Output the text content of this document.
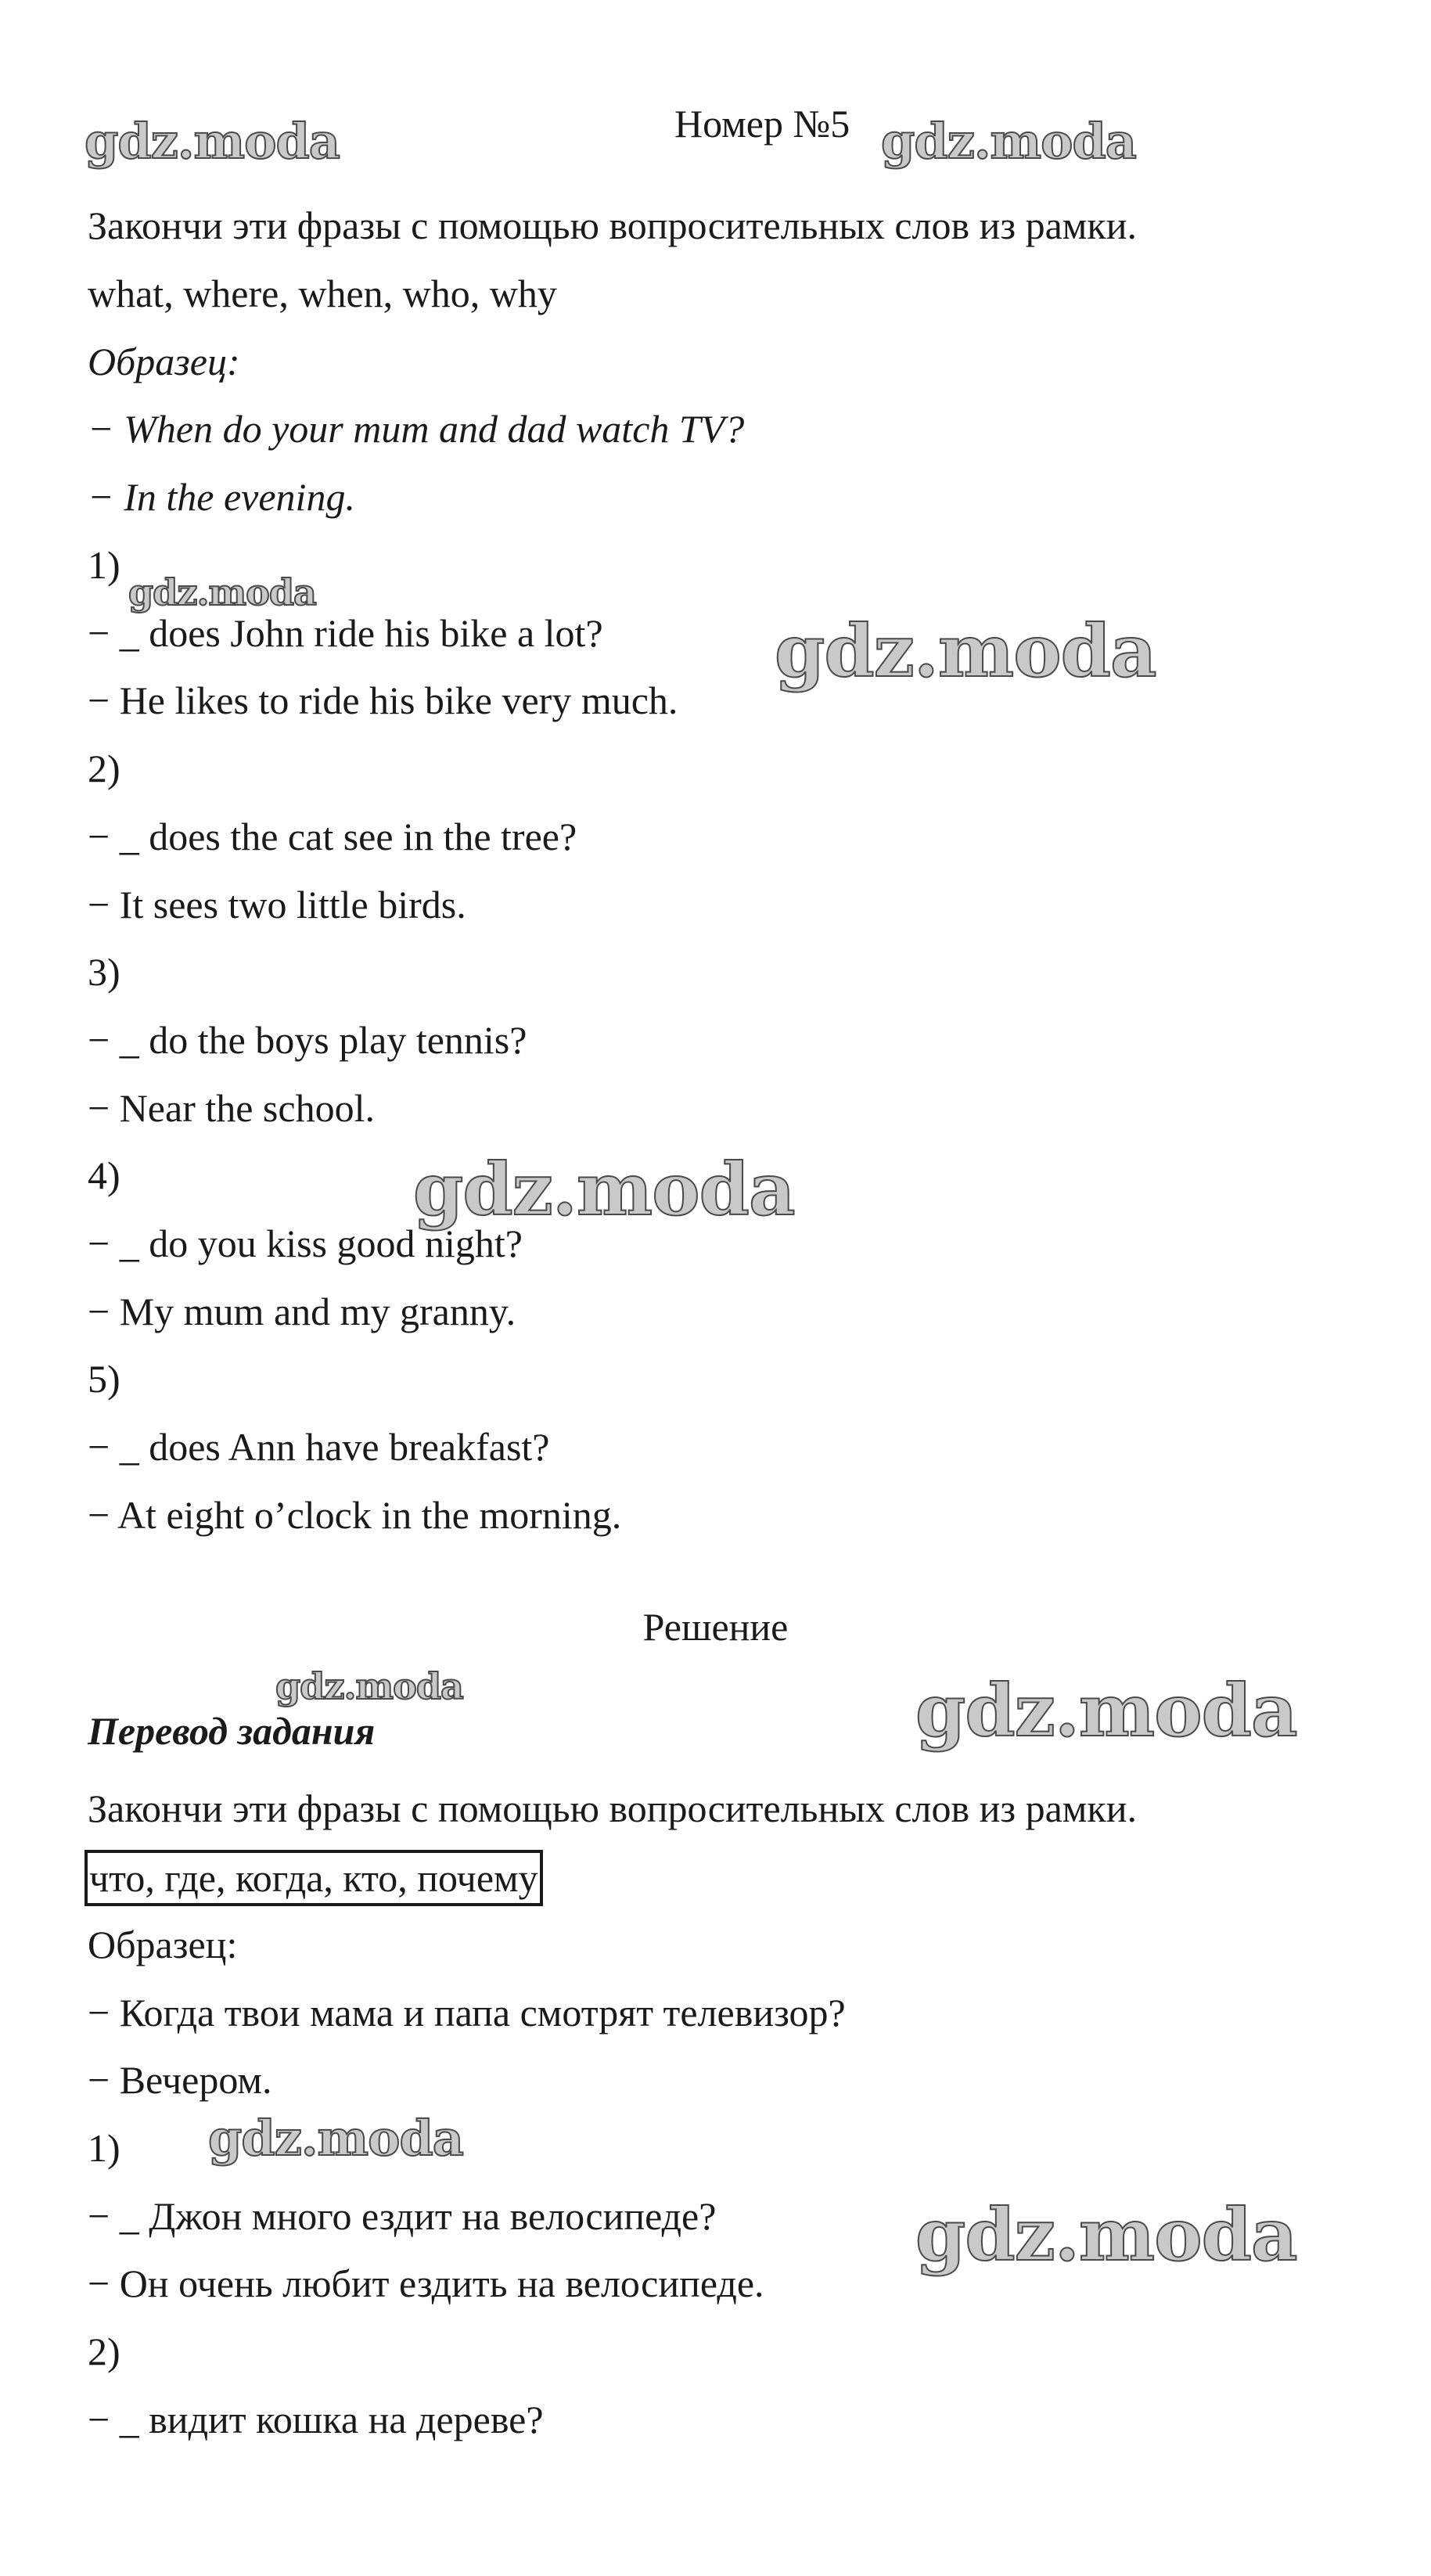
gdz.moda	gdz.moda
gdz.moda
gdz.moda
gdz.moda
gdz.moda	gdz.moda
gdz.moda
gdz.moda
Номер №5
Закончи эти фразы с помощью вопросительных слов из рамки.
what, where, when, who, why
Образец:
− When do your mum and dad watch TV?
− In the evening.
1)
− _ does John ride his bike a lot?
− He likes to ride his bike very much.
2)
− _ does the cat see in the tree?
− It sees two little birds.
3)
− _ do the boys play tennis?
− Near the school.
4)
− _ do you kiss good night?
− My mum and my granny.
5)
− _ does Ann have breakfast?
− At eight o’clock in the morning.
Решение
Перевод задания
Закончи эти фразы с помощью вопросительных слов из рамки.
что, где, когда, кто, почему
Образец:
− Когда твои мама и папа смотрят телевизор?
− Вечером.
1)
− _ Джон много ездит на велосипеде?
− Он очень любит ездить на велосипеде.
2)
− _ видит кошка на дереве?
